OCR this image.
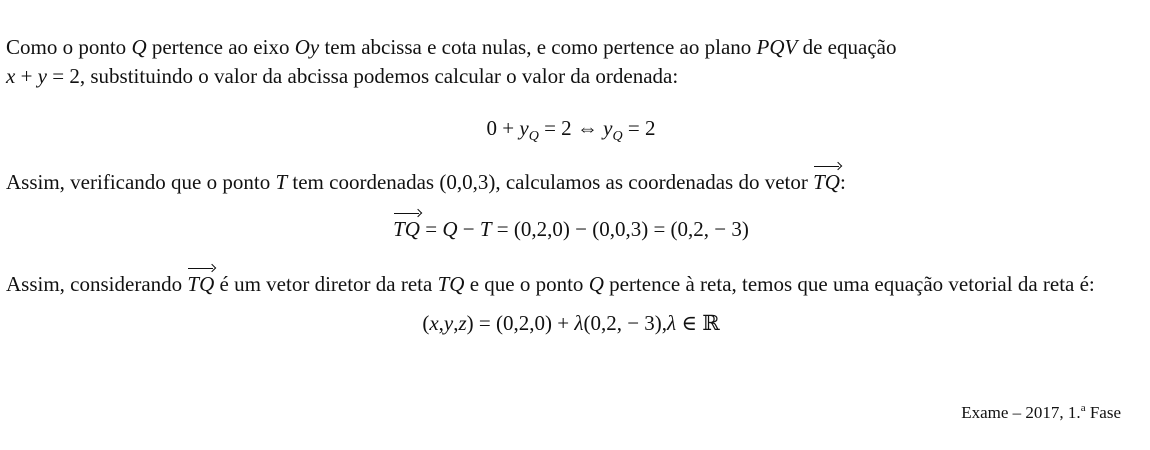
Como o ponto Q pertence ao eixo Oy tem abcissa e cota nulas, e como pertence ao plano PQV de equação
x + y = 2, substituindo o valor da abcissa podemos calcular o valor da ordenada:

$0 + y_Q = 2$ ⇔ $y_Q = 2$

Assim, verificando que o ponto T tem coordenadas (0,0,3), calculamos as coordenadas do vetor
TQ:

TQ = Q − T = (0,2,0) − (0,0,3) = (0,2, − 3)

Assim, considerando
TQ é um vetor diretor da reta TQ e que o ponto Q pertence à reta, temos que uma equação vetorial da reta é:

(x,y,z) = (0,2,0) + λ(0,2, − 3),λ ∈ ℝ
Exame – 2017, 1.$^a$ Fase
